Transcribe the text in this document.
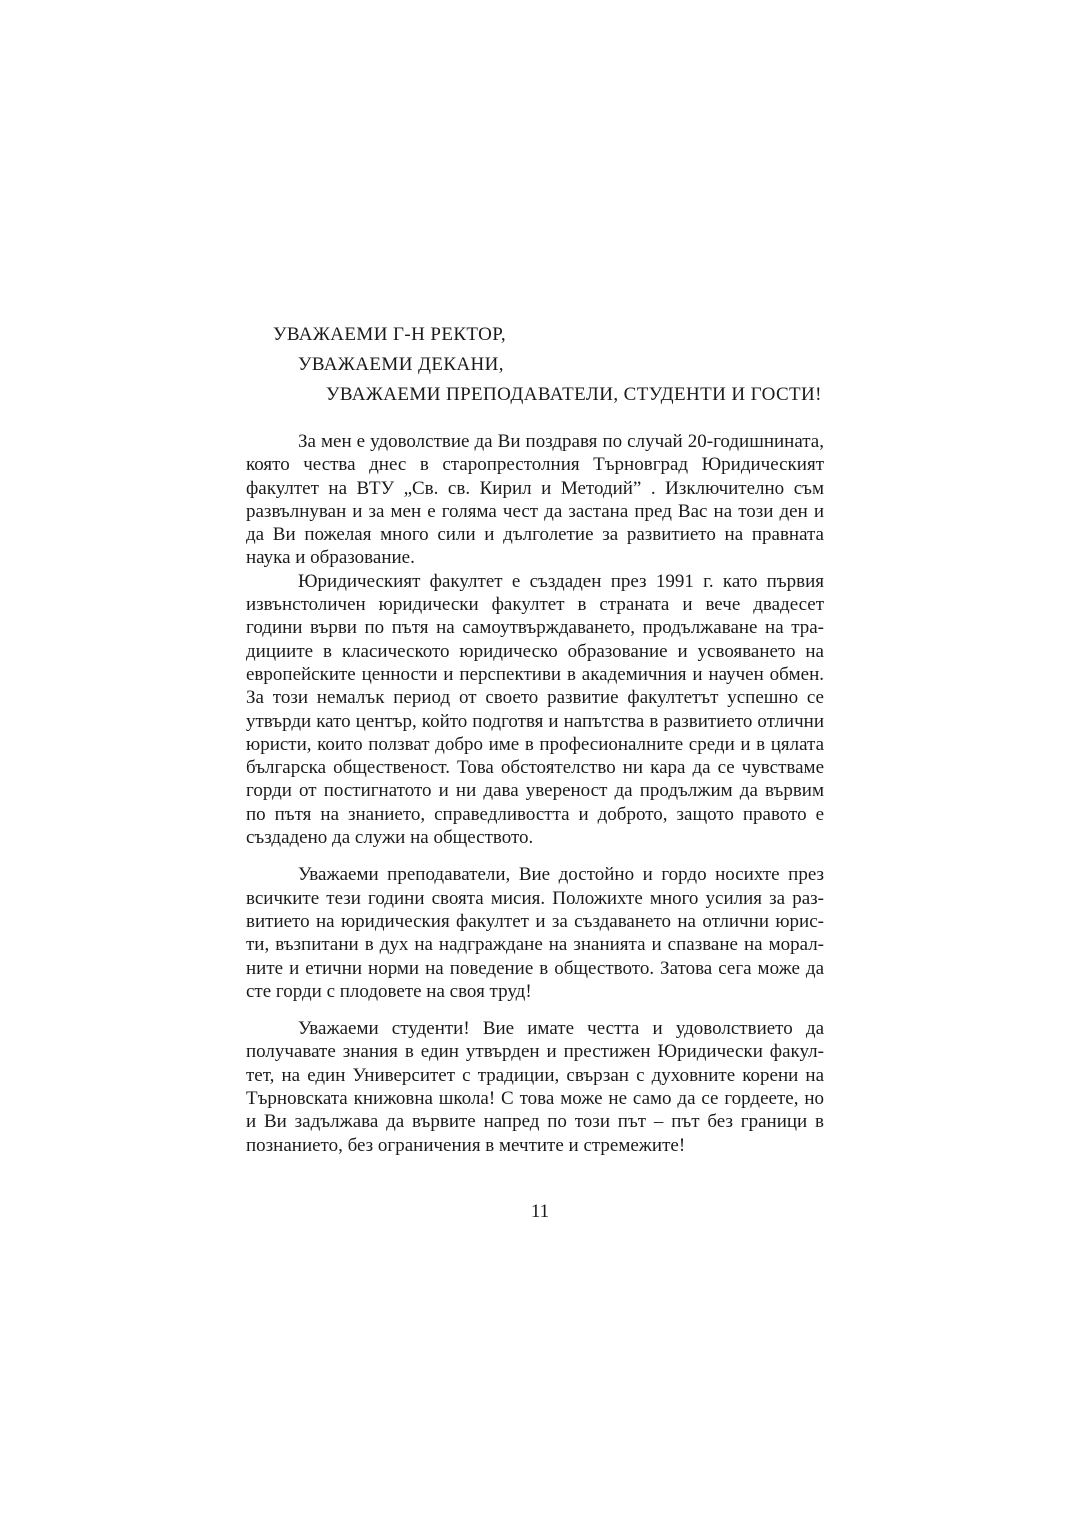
УВАЖАЕМИ Г-Н РЕКТОР,
УВАЖАЕМИ ДЕКАНИ,
УВАЖАЕМИ ПРЕПОДАВАТЕЛИ, СТУДЕНТИ И ГОСТИ!

За мен е удоволствие да Ви поздравя по случай 20-годишнината, която чества днес в старопрестолния Търновград Юридическият факултет на ВТУ „Св. св. Кирил и Методий” . Изключително съм развълнуван и за мен е голяма чест да застана пред Вас на този ден и да Ви пожелая много сили и дълголетие за развитието на правната наука и образование.

Юридическият факултет е създаден през 1991 г. като първия извънстоличен юридически факултет в страната и вече двадесет години върви по пътя на самоутвърждаването, продължаване на традициите в класическото юридическо образование и усвояването на европейските ценности и перспективи в академичния и научен обмен. За този немалък период от своето развитие факултетът успешно се утвърди като център, който подготвя и напътства в развитието отлични юристи, които ползват добро име в професионалните среди и в цялата българска общественост. Това обстоятелство ни кара да се чувстваме горди от постигнатото и ни дава увереност да продължим да вървим по пътя на знанието, справедливостта и доброто, защото правото е създадено да служи на обществото.

Уважаеми преподаватели, Вие достойно и гордо носихте през всичките тези години своята мисия. Положихте много усилия за развитието на юридическия факултет и за създаването на отлични юристи, възпитани в дух на надграждане на знанията и спазване на моралните и етични норми на поведение в обществото. Затова сега може да сте горди с плодовете на своя труд!

Уважаеми студенти! Вие имате честта и удоволствието да получавате знания в един утвърден и престижен Юридически факултет, на един Университет с традиции, свързан с духовните корени на Търновската книжовна школа! С това може не само да се гордеете, но и Ви задължава да вървите напред по този път – път без граници в познанието, без ограничения в мечтите и стремежите!

11
